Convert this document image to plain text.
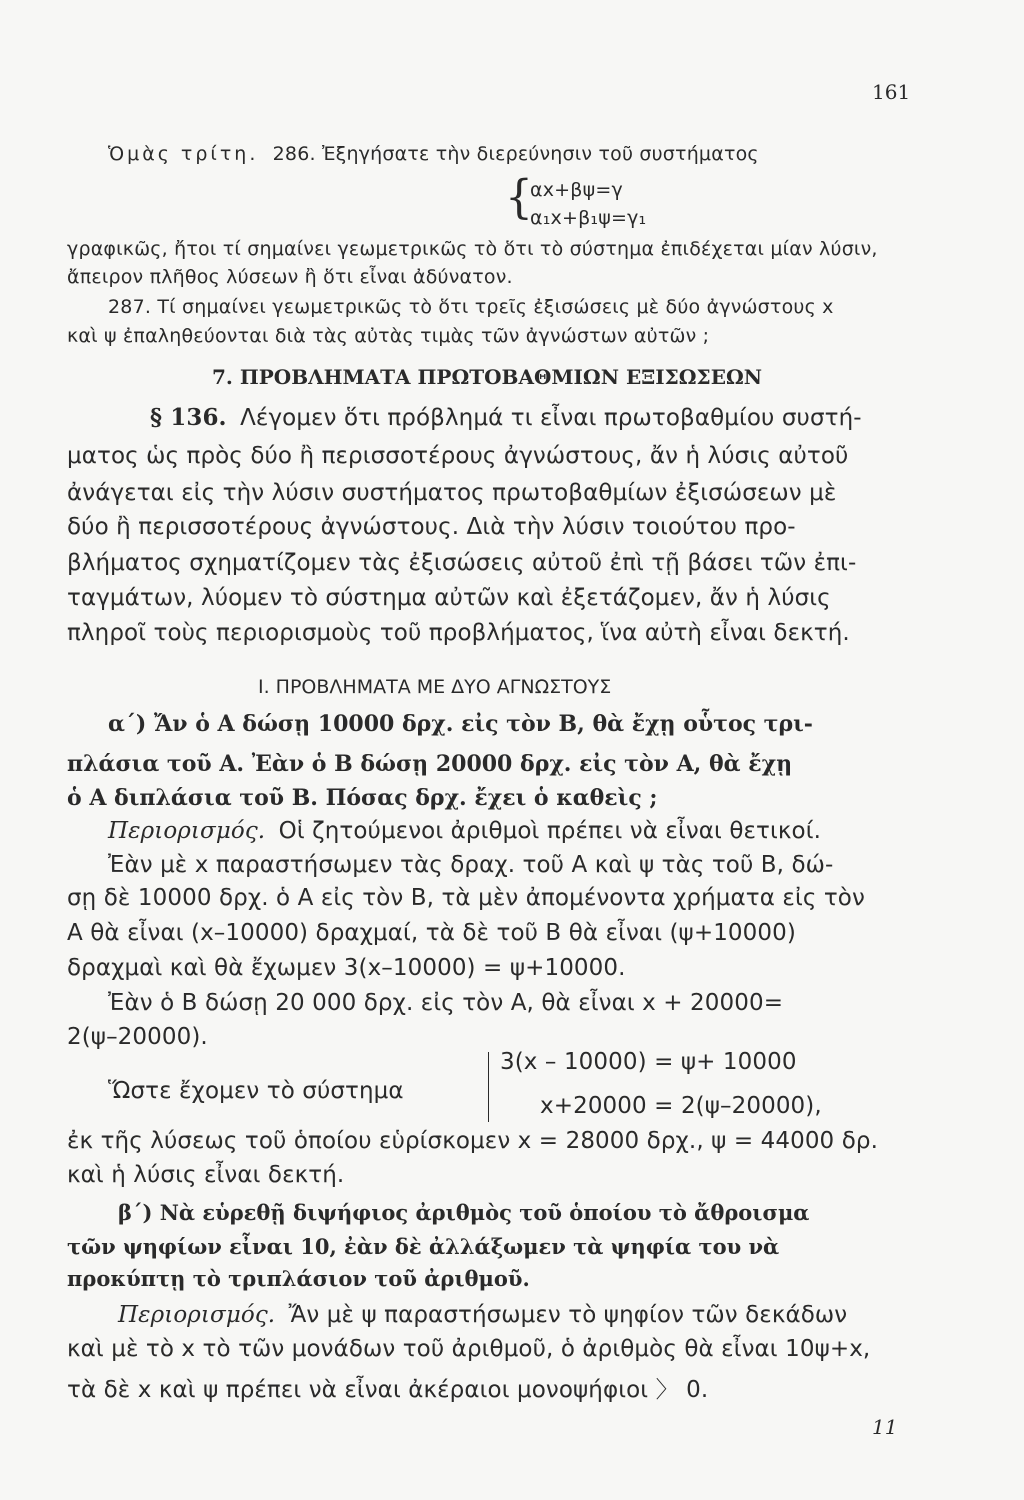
161
Ὁμὰς τρίτη. 286. Ἐξηγήσατε τὴν διερεύνησιν τοῦ συστήματος
{
αx+βψ=γ
α₁x+β₁ψ=γ₁
γραφικῶς, ἤτοι τί σημαίνει γεωμετρικῶς τὸ ὅτι τὸ σύστημα ἐπιδέχεται μίαν λύσιν,
ἄπειρον πλῆθος λύσεων ἢ ὅτι εἶναι ἀδύνατον.
287. Τί σημαίνει γεωμετρικῶς τὸ ὅτι τρεῖς ἐξισώσεις μὲ δύο ἀγνώστους x
καὶ ψ ἐπαληθεύονται διὰ τὰς αὐτὰς τιμὰς τῶν ἀγνώστων αὐτῶν ;
7. ΠΡΟΒΛΗΜΑΤΑ ΠΡΩΤΟΒΑΘΜΙΩΝ ΕΞΙΣΩΣΕΩΝ
§ 136. Λέγομεν ὅτι πρόβλημά τι εἶναι πρωτοβαθμίου συστή-
ματος ὡς πρὸς δύο ἢ περισσοτέρους ἀγνώστους, ἄν ἡ λύσις αὐτοῦ
ἀνάγεται εἰς τὴν λύσιν συστήματος πρωτοβαθμίων ἐξισώσεων μὲ
δύο ἢ περισσοτέρους ἀγνώστους. Διὰ τὴν λύσιν τοιούτου προ-
βλήματος σχηματίζομεν τὰς ἐξισώσεις αὐτοῦ ἐπὶ τῇ βάσει τῶν ἐπι-
ταγμάτων, λύομεν τὸ σύστημα αὐτῶν καὶ ἐξετάζομεν, ἄν ἡ λύσις
πληροῖ τοὺς περιορισμοὺς τοῦ προβλήματος, ἵνα αὐτὴ εἶναι δεκτή.
I. ΠΡΟΒΛΗΜΑΤΑ ΜΕ ΔΥΟ ΑΓΝΩΣΤΟΥΣ
α΄) Ἄν ὁ Α δώσῃ 10000 δρχ. εἰς τὸν Β, θὰ ἔχῃ οὗτος τρι-
πλάσια τοῦ Α. Ἐὰν ὁ Β δώσῃ 20000 δρχ. εἰς τὸν Α, θὰ ἔχῃ
ὁ Α διπλάσια τοῦ Β. Πόσας δρχ. ἔχει ὁ καθεὶς ;
Περιορισμός. Οἱ ζητούμενοι ἀριθμοὶ πρέπει νὰ εἶναι θετικοί.
Ἐὰν μὲ x παραστήσωμεν τὰς δραχ. τοῦ Α καὶ ψ τὰς τοῦ Β, δώ-
σῃ δὲ 10000 δρχ. ὁ Α εἰς τὸν Β, τὰ μὲν ἀπομένοντα χρήματα εἰς τὸν
Α θὰ εἶναι (x–10000) δραχμαί, τὰ δὲ τοῦ Β θὰ εἶναι (ψ+10000)
δραχμαὶ καὶ θὰ ἔχωμεν 3(x–10000) = ψ+10000.
Ἐὰν ὁ Β δώσῃ 20 000 δρχ. εἰς τὸν Α, θὰ εἶναι x + 20000=
2(ψ–20000).
Ὥστε ἔχομεν τὸ σύστημα
3(x – 10000) = ψ+ 10000
x+20000 = 2(ψ–20000),
ἐκ τῆς λύσεως τοῦ ὁποίου εὑρίσκομεν x = 28000 δρχ., ψ = 44000 δρ.
καὶ ἡ λύσις εἶναι δεκτή.
β΄) Νὰ εὑρεθῇ διψήφιος ἀριθμὸς τοῦ ὁποίου τὸ ἄθροισμα
τῶν ψηφίων εἶναι 10, ἐὰν δὲ ἀλλάξωμεν τὰ ψηφία του νὰ
προκύπτῃ τὸ τριπλάσιον τοῦ ἀριθμοῦ.
Περιορισμός. Ἄν μὲ ψ παραστήσωμεν τὸ ψηφίον τῶν δεκάδων
καὶ μὲ τὸ x τὸ τῶν μονάδων τοῦ ἀριθμοῦ, ὁ ἀριθμὸς θὰ εἶναι 10ψ+x,
τὰ δὲ x καὶ ψ πρέπει νὰ εἶναι ἀκέραιοι μονοψήφιοι 〉 0.
11
